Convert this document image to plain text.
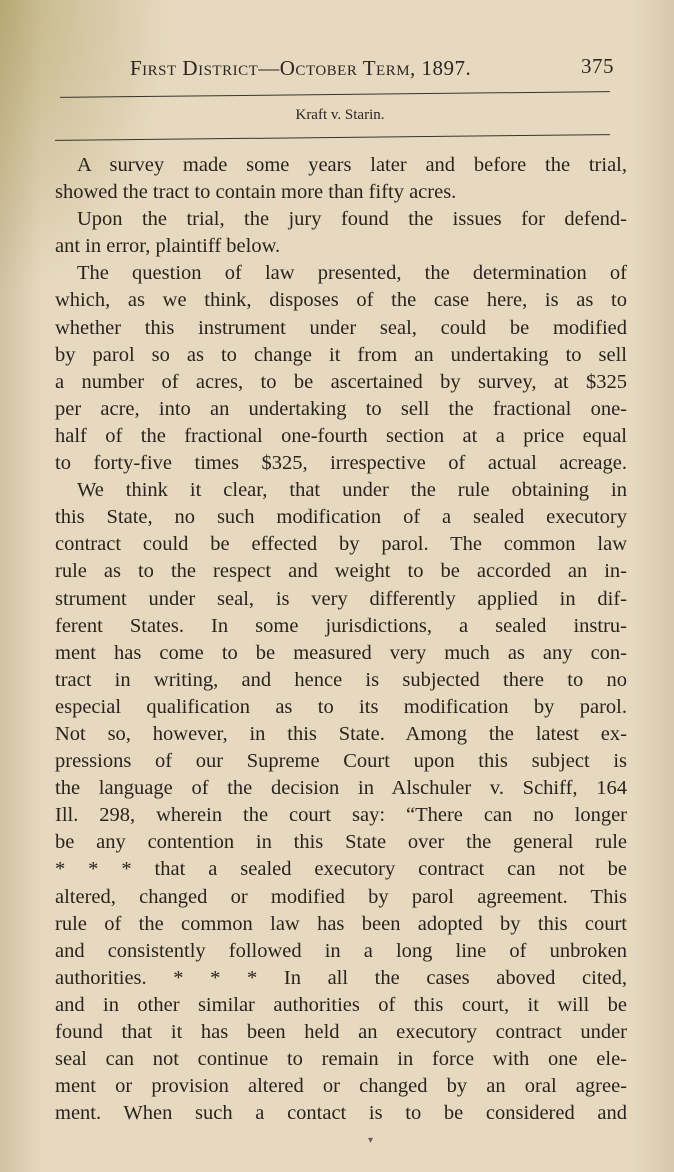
First District—October Term, 1897.	375
Kraft v. Starin.
A survey made some years later and before the trial,
showed the tract to contain more than fifty acres.
Upon the trial, the jury found the issues for defend-
ant in error, plaintiff below.
The question of law presented, the determination of
which, as we think, disposes of the case here, is as to
whether this instrument under seal, could be modified
by parol so as to change it from an undertaking to sell
a number of acres, to be ascertained by survey, at $325
per acre, into an undertaking to sell the fractional one-
half of the fractional one-fourth section at a price equal
to forty-five times $325, irrespective of actual acreage.
We think it clear, that under the rule obtaining in
this State, no such modification of a sealed executory
contract could be effected by parol. The common law
rule as to the respect and weight to be accorded an in-
strument under seal, is very differently applied in dif-
ferent States. In some jurisdictions, a sealed instru-
ment has come to be measured very much as any con-
tract in writing, and hence is subjected there to no
especial qualification as to its modification by parol.
Not so, however, in this State. Among the latest ex-
pressions of our Supreme Court upon this subject is
the language of the decision in Alschuler v. Schiff, 164
Ill. 298, wherein the court say: “There can no longer
be any contention in this State over the general rule
* * * that a sealed executory contract can not be
altered, changed or modified by parol agreement. This
rule of the common law has been adopted by this court
and consistently followed in a long line of unbroken
authorities. * * * In all the cases aboved cited,
and in other similar authorities of this court, it will be
found that it has been held an executory contract under
seal can not continue to remain in force with one ele-
ment or provision altered or changed by an oral agree-
ment. When such a contact is to be considered and
▾
